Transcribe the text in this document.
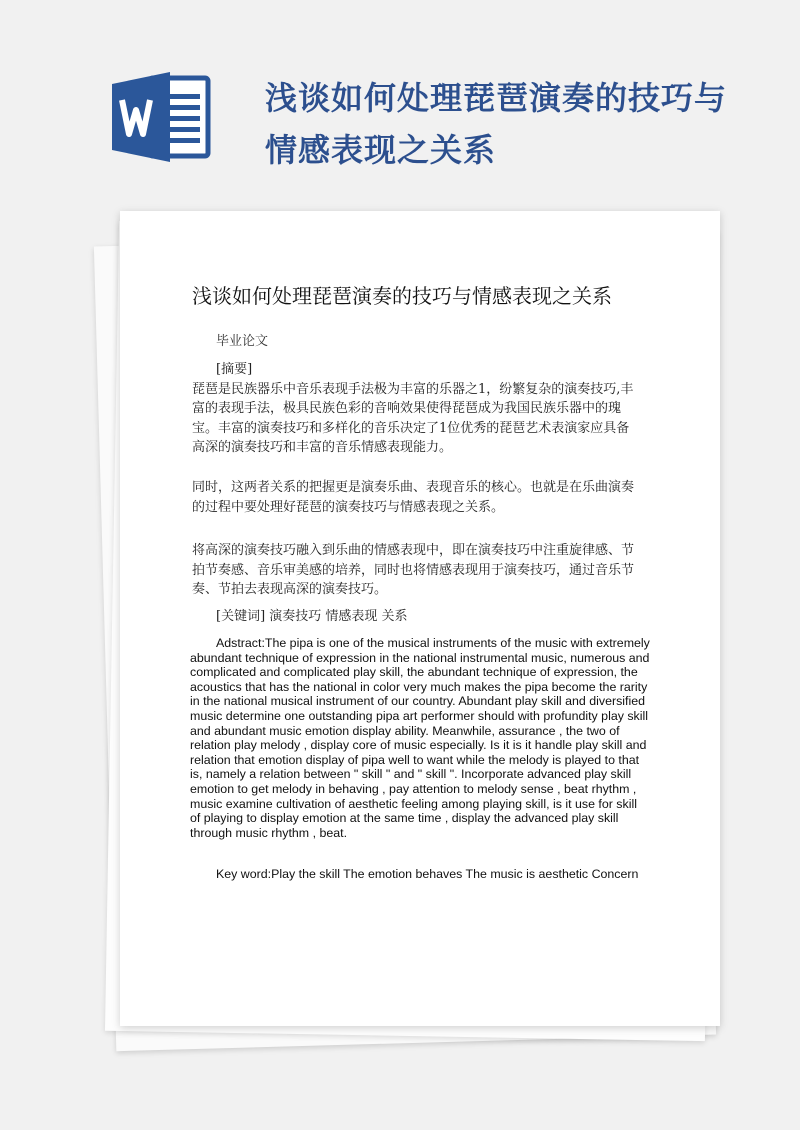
浅谈如何处理琵琶演奏的技巧与情感表现之关系
浅谈如何处理琵琶演奏的技巧与情感表现之关系
毕业论文

[摘要]

琵琶是民族器乐中音乐表现手法极为丰富的乐器之1，纷繁复杂的演奏技巧,丰富的表现手法，极具民族色彩的音响效果使得琵琶成为我国民族乐器中的瑰宝。丰富的演奏技巧和多样化的音乐决定了1位优秀的琵琶艺术表演家应具备高深的演奏技巧和丰富的音乐情感表现能力。

同时，这两者关系的把握更是演奏乐曲、表现音乐的核心。也就是在乐曲演奏的过程中要处理好琵琶的演奏技巧与情感表现之关系。
将高深的演奏技巧融入到乐曲的情感表现中，即在演奏技巧中注重旋律感、节拍节奏感、音乐审美感的培养，同时也将情感表现用于演奏技巧，通过音乐节奏、节拍去表现高深的演奏技巧。
[关键词] 演奏技巧 情感表现 关系
Adstract:The pipa is one of the musical instruments of the music with extremely abundant technique of expression in the national instrumental music, numerous and complicated and complicated play skill, the abundant technique of expression, the acoustics that has the national in color very much makes the pipa become the rarity in the national musical instrument of our country. Abundant play skill and diversified music determine one outstanding pipa art performer should with profundity play skill and abundant music emotion display ability. Meanwhile, assurance , the two of relation play melody , display core of music especially. Is it is it handle play skill and relation that emotion display of pipa well to want while the melody is played to that is, namely a relation between " skill " and " skill ". Incorporate advanced play skill emotion to get melody in behaving , pay attention to melody sense , beat rhythm , music examine cultivation of aesthetic feeling among playing skill, is it use for skill of playing to display emotion at the same time , display the advanced play skill through music rhythm , beat.
Key word:Play the skill The emotion behaves The music is aesthetic Concern
